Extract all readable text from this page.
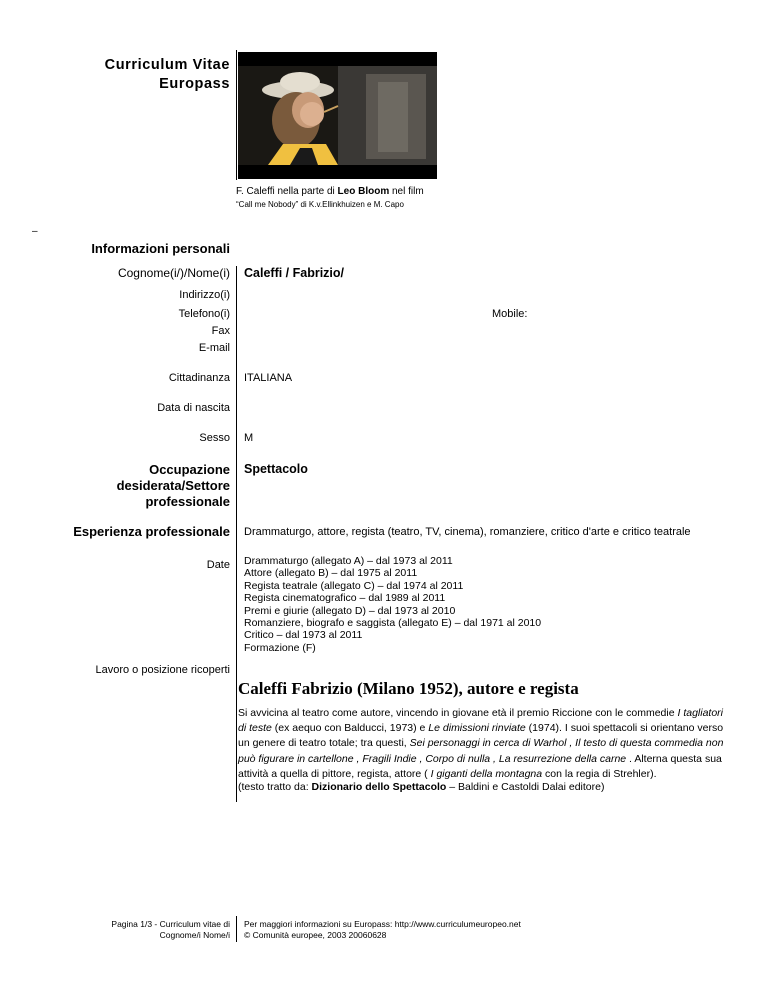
Curriculum Vitae
Europass
F. Caleffi nella parte di Leo Bloom nel film
“Call me Nobody” di K.v.Ellinkhuizen e M. Capo
–
Informazioni personali
Cognome(i/)/Nome(i) Caleffi / Fabrizio/
Indirizzo(i)
Telefono(i)	Mobile:
Fax
E-mail
Cittadinanza ITALIANA
Data di nascita
Sesso M
Occupazione
desiderata/Settore
professionale
Spettacolo
Esperienza professionale Drammaturgo, attore, regista (teatro, TV, cinema), romanziere, critico d'arte e critico teatrale
Date Drammaturgo (allegato A) – dal 1973 al 2011
Attore (allegato B) – dal 1975 al 2011
Regista teatrale (allegato C) – dal 1974 al 2011
Regista cinematografico – dal 1989 al 2011
Premi e giurie (allegato D) – dal 1973 al 2010
Romanziere, biografo e saggista (allegato E) – dal 1971 al 2010
Critico – dal 1973 al 2011
Formazione (F)
Lavoro o posizione ricoperti
Caleffi Fabrizio (Milano 1952), autore e regista
Si avvicina al teatro come autore, vincendo in giovane età il premio Riccione con le commedie I tagliatori
di teste (ex aequo con Balducci, 1973) e Le dimissioni rinviate (1974). I suoi spettacoli si orientano verso
un genere di teatro totale; tra questi, Sei personaggi in cerca di Warhol , Il testo di questa commedia non
può figurare in cartellone , Fragili Indie , Corpo di nulla , La resurrezione della carne . Alterna questa sua
attività a quella di pittore, regista, attore ( I giganti della montagna con la regia di Strehler).
(testo tratto da: Dizionario dello Spettacolo – Baldini e Castoldi Dalai editore)
Pagina 1/3 - Curriculum vitae di
Cognome/i Nome/i
Per maggiori informazioni su Europass: http://www.curriculumeuropeo.net
© Comunità europee, 2003 20060628
